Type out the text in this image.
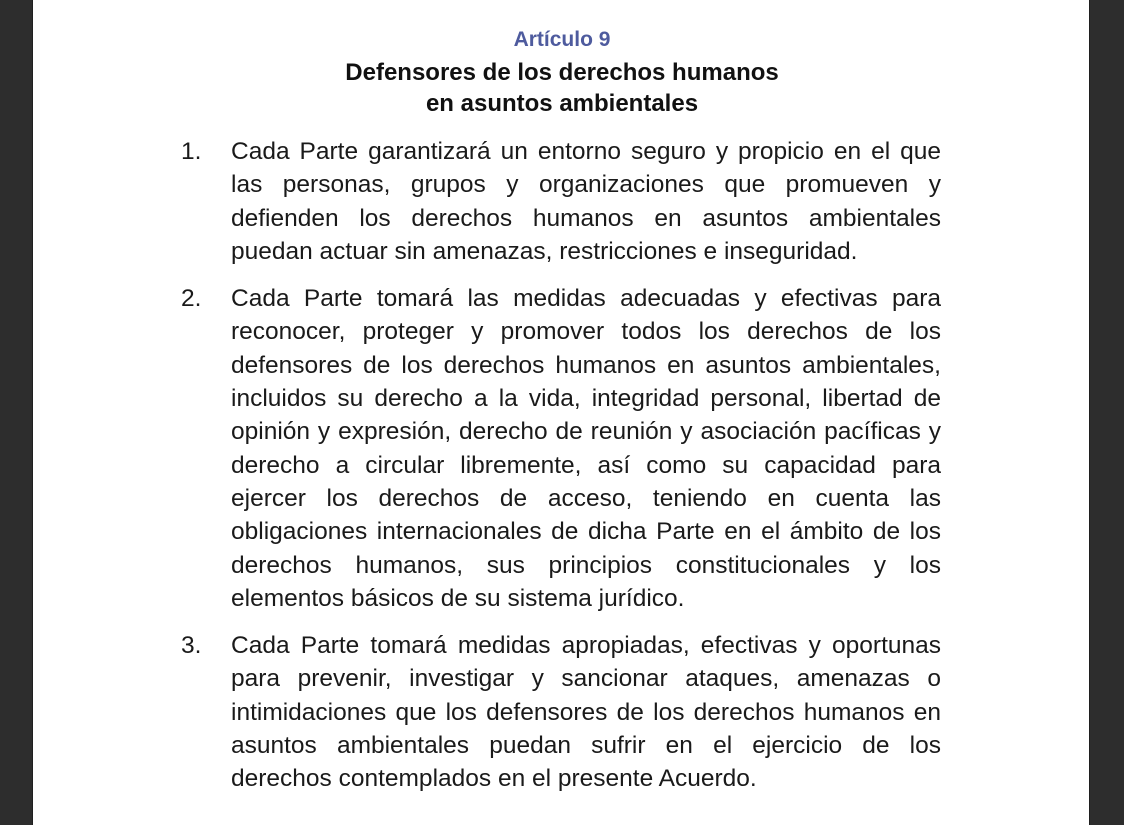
Artículo 9
Defensores de los derechos humanos
en asuntos ambientales
1. Cada Parte garantizará un entorno seguro y propicio en el que las personas, grupos y organizaciones que promueven y defienden los derechos humanos en asuntos ambientales puedan actuar sin amenazas, restricciones e inseguridad.
2. Cada Parte tomará las medidas adecuadas y efectivas para reconocer, proteger y promover todos los derechos de los defensores de los derechos humanos en asuntos ambientales, incluidos su derecho a la vida, integridad personal, libertad de opinión y expresión, derecho de reunión y asociación pacíficas y derecho a circular libremente, así como su capacidad para ejercer los derechos de acceso, teniendo en cuenta las obligaciones internacionales de dicha Parte en el ámbito de los derechos humanos, sus principios constitucionales y los elementos básicos de su sistema jurídico.
3. Cada Parte tomará medidas apropiadas, efectivas y oportunas para prevenir, investigar y sancionar ataques, amenazas o intimidaciones que los defensores de los derechos humanos en asuntos ambientales puedan sufrir en el ejercicio de los derechos contemplados en el presente Acuerdo.
